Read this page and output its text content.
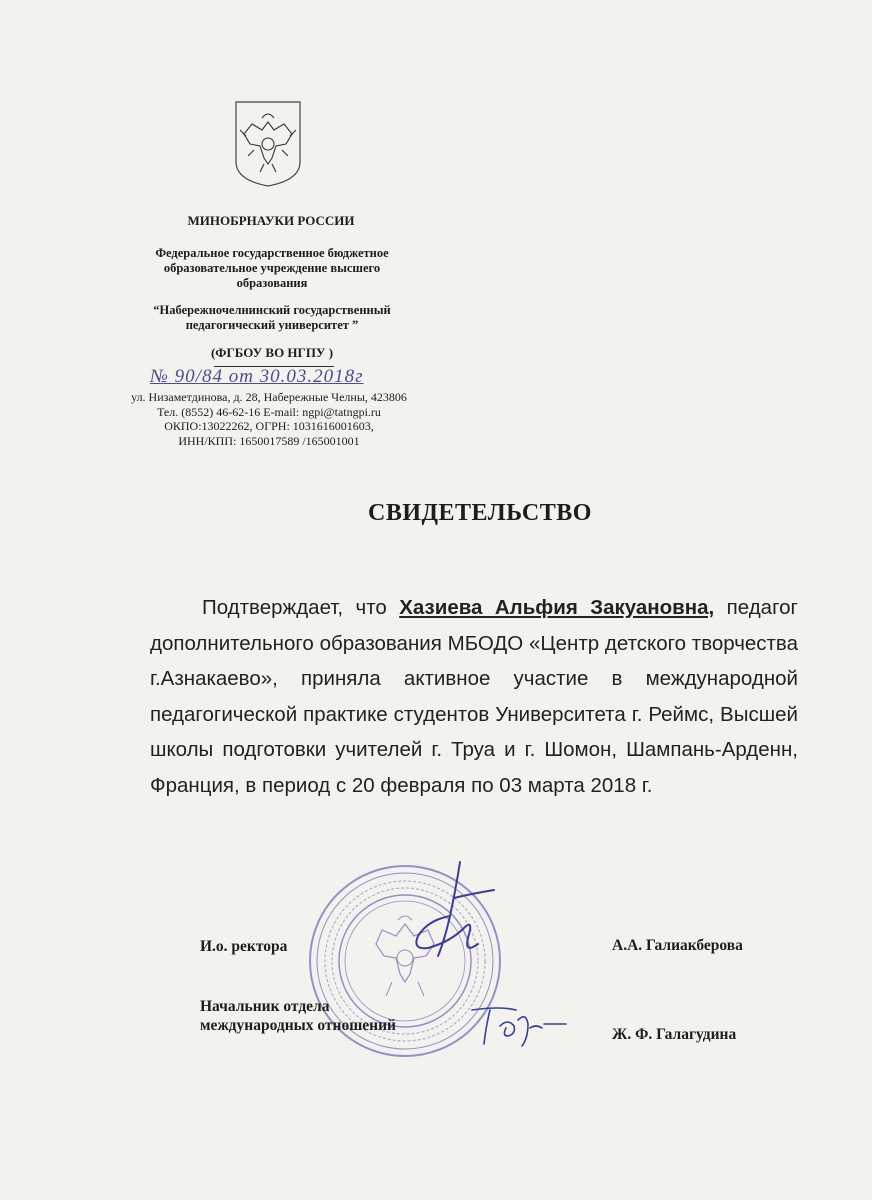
МИНОБРНАУКИ РОССИИ
Федеральное государственное бюджетное
образовательное учреждение высшего
образования
“Набережночелнинский государственный
педагогический университет ”
(ФГБОУ ВО НГПУ )
№ 90/84 от 30.03.2018г
ул. Низаметдинова, д. 28, Набережные Челны, 423806
Тел. (8552) 46-62-16 E-mail: ngpi@tatngpi.ru
ОКПО:13022262, ОГРН: 1031616001603,
ИНН/КПП: 1650017589 /165001001
СВИДЕТЕЛЬСТВО
Подтверждает, что Хазиева Альфия Закуановна, педагог дополнительного образования МБОДО «Центр детского творчества г.Азнакаево», приняла активное участие в международной педагогической практике студентов Университета г. Реймс, Высшей школы подготовки учителей г. Труа и г. Шомон, Шампань-Арденн, Франция, в период с 20 февраля по 03 марта 2018 г.
И.о. ректора	А.А. Галиакберова
Начальник отдела
международных отношений
Ж. Ф. Галагудина
